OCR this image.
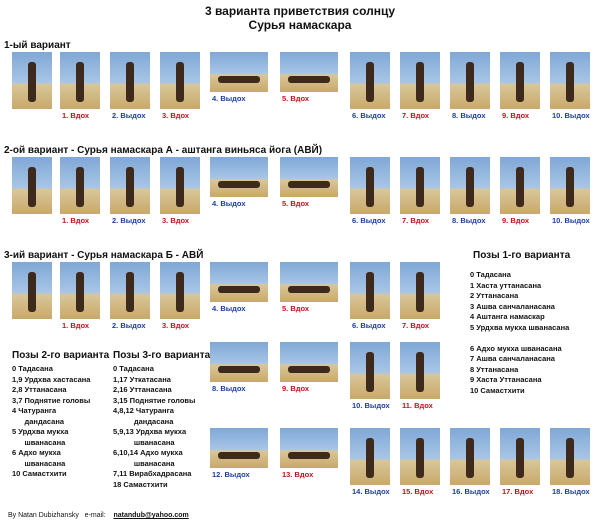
3 варианта приветствия солнцу
Сурья намаскара
1-ый вариант
2-ой вариант - Сурья намаскара А - аштанга виньяса йога (АВЙ)
3-ий вариант - Сурья намаскара Б - АВЙ
1. Вдох	2. Выдох 3. Вдох
4. Выдох	5. Вдох
6. Выдох 7. Вдох	8. Выдох 9. Вдох	10. Выдох
1. Вдох	2. Выдох 3. Вдох
4. Выдох	5. Вдох
6. Выдох 7. Вдох	8. Выдох 9. Вдох	10. Выдох
1. Вдох	2. Выдох 3. Вдох
4. Выдох	5. Вдох
6. Выдох 7. Вдох
8. Выдох	9. Вдох
10. Выдох 11. Вдох
12. Выдох	13. Вдох
14. Выдох 15. Вдох 16. Выдох 17. Вдох 18. Выдох
Позы 1-го варианта
0 Тадасана
1 Хаста уттанасана
2 Уттанасана
3 Ашва санчаланасана
4 Аштанга намаскар
5 Урдхва мукха шванасана

6 Адхо мукха шванасана
7 Ашва санчаланасана
8 Уттанасана
9 Хаста Уттанасана
10 Самастхити
Позы 2-го варианта
0 Тадасана
1,9 Урдхва хастасана
2,8 Уттанасана
3,7 Поднятие головы
4 Чатуранга
дандасана
5 Урдхва мукха
шванасана
6 Адхо мукха
шванасана
10 Самастхити
Позы 3-го варианта
0 Тадасана
1,17 Уткатасана
2,16 Уттанасана
3,15 Поднятие головы
4,8,12 Чатуранга
дандасана
5,9,13 Урдхва мукха
шванасана
6,10,14 Адхо мукха
шванасана
7,11 Вирабхадрасана
18 Самастхити
By Natan Dubizhansky e-mail: natandub@yahoo.com
